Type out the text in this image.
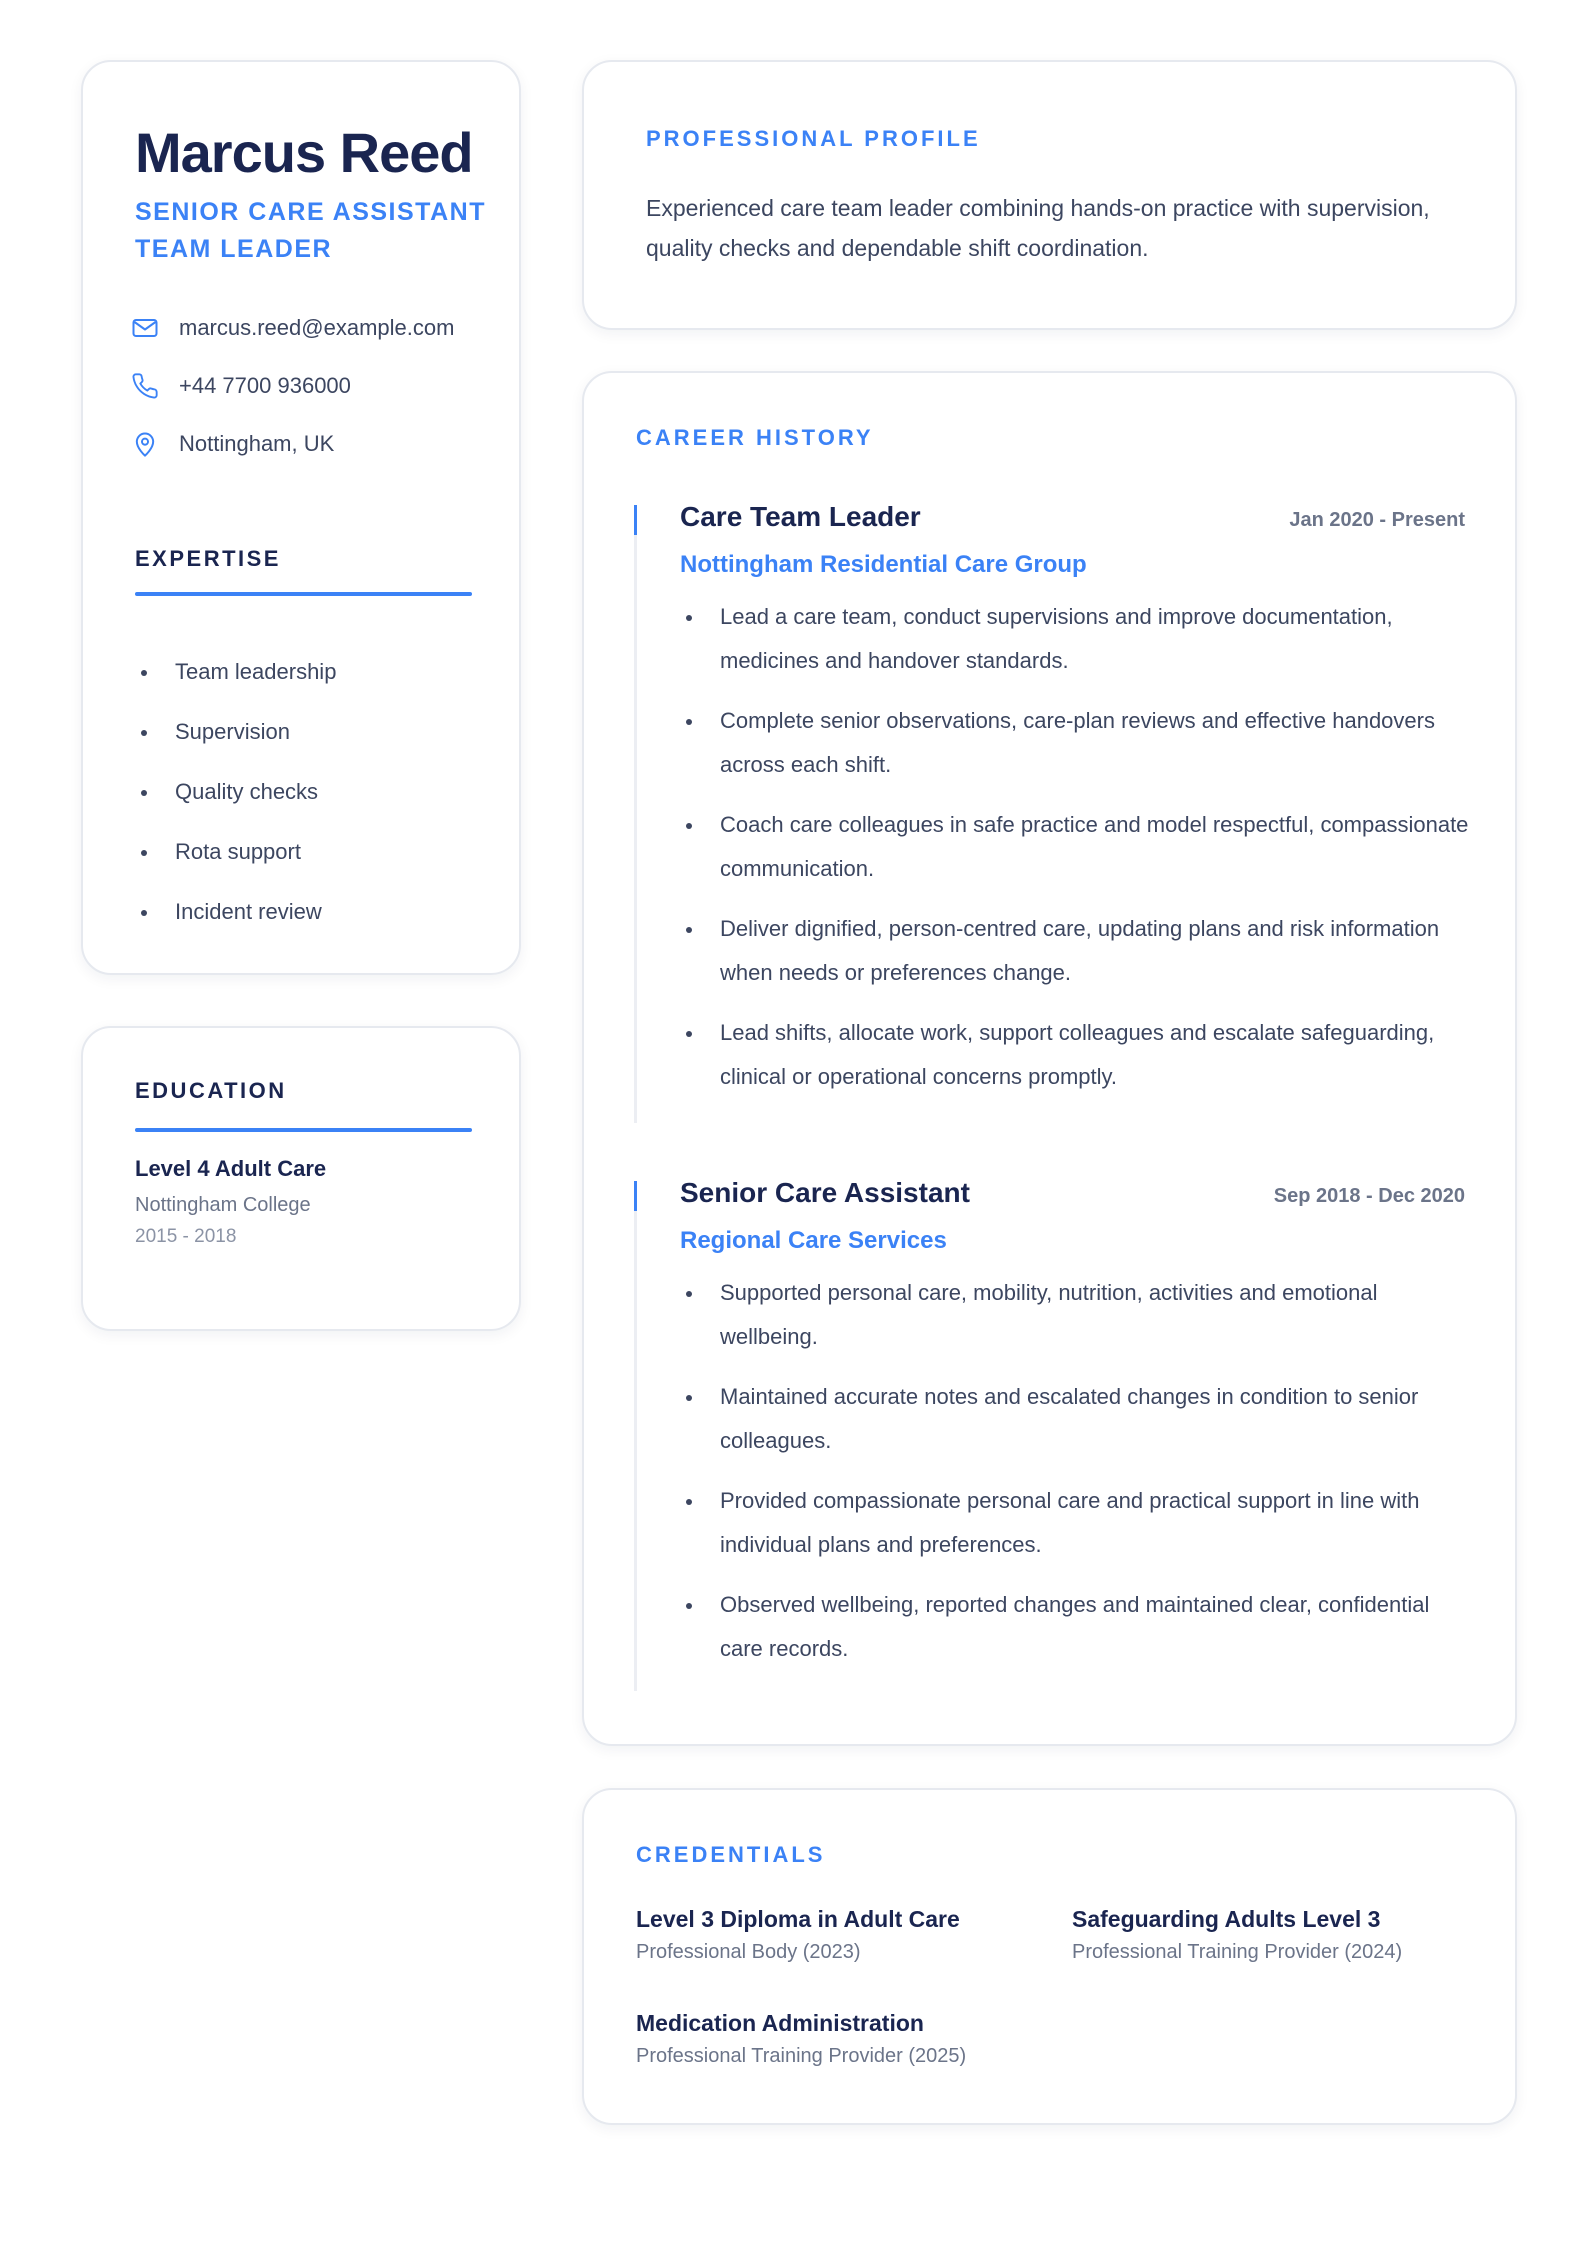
Marcus Reed
SENIOR CARE ASSISTANT TEAM LEADER
marcus.reed@example.com
+44 7700 936000
Nottingham, UK
EXPERTISE
Team leadership
Supervision
Quality checks
Rota support
Incident review
EDUCATION
Level 4 Adult Care
Nottingham College
2015 - 2018
PROFESSIONAL PROFILE
Experienced care team leader combining hands-on practice with supervision, quality checks and dependable shift coordination.
CAREER HISTORY
Care Team Leader	Jan 2020 - Present
Nottingham Residential Care Group
Lead a care team, conduct supervisions and improve documentation, medicines and handover standards.
Complete senior observations, care-plan reviews and effective handovers across each shift.
Coach care colleagues in safe practice and model respectful, compassionate communication.
Deliver dignified, person-centred care, updating plans and risk information when needs or preferences change.
Lead shifts, allocate work, support colleagues and escalate safeguarding, clinical or operational concerns promptly.
Senior Care Assistant	Sep 2018 - Dec 2020
Regional Care Services
Supported personal care, mobility, nutrition, activities and emotional wellbeing.
Maintained accurate notes and escalated changes in condition to senior colleagues.
Provided compassionate personal care and practical support in line with individual plans and preferences.
Observed wellbeing, reported changes and maintained clear, confidential care records.
CREDENTIALS
Level 3 Diploma in Adult Care
Professional Body (2023)
Safeguarding Adults Level 3
Professional Training Provider (2024)
Medication Administration
Professional Training Provider (2025)
